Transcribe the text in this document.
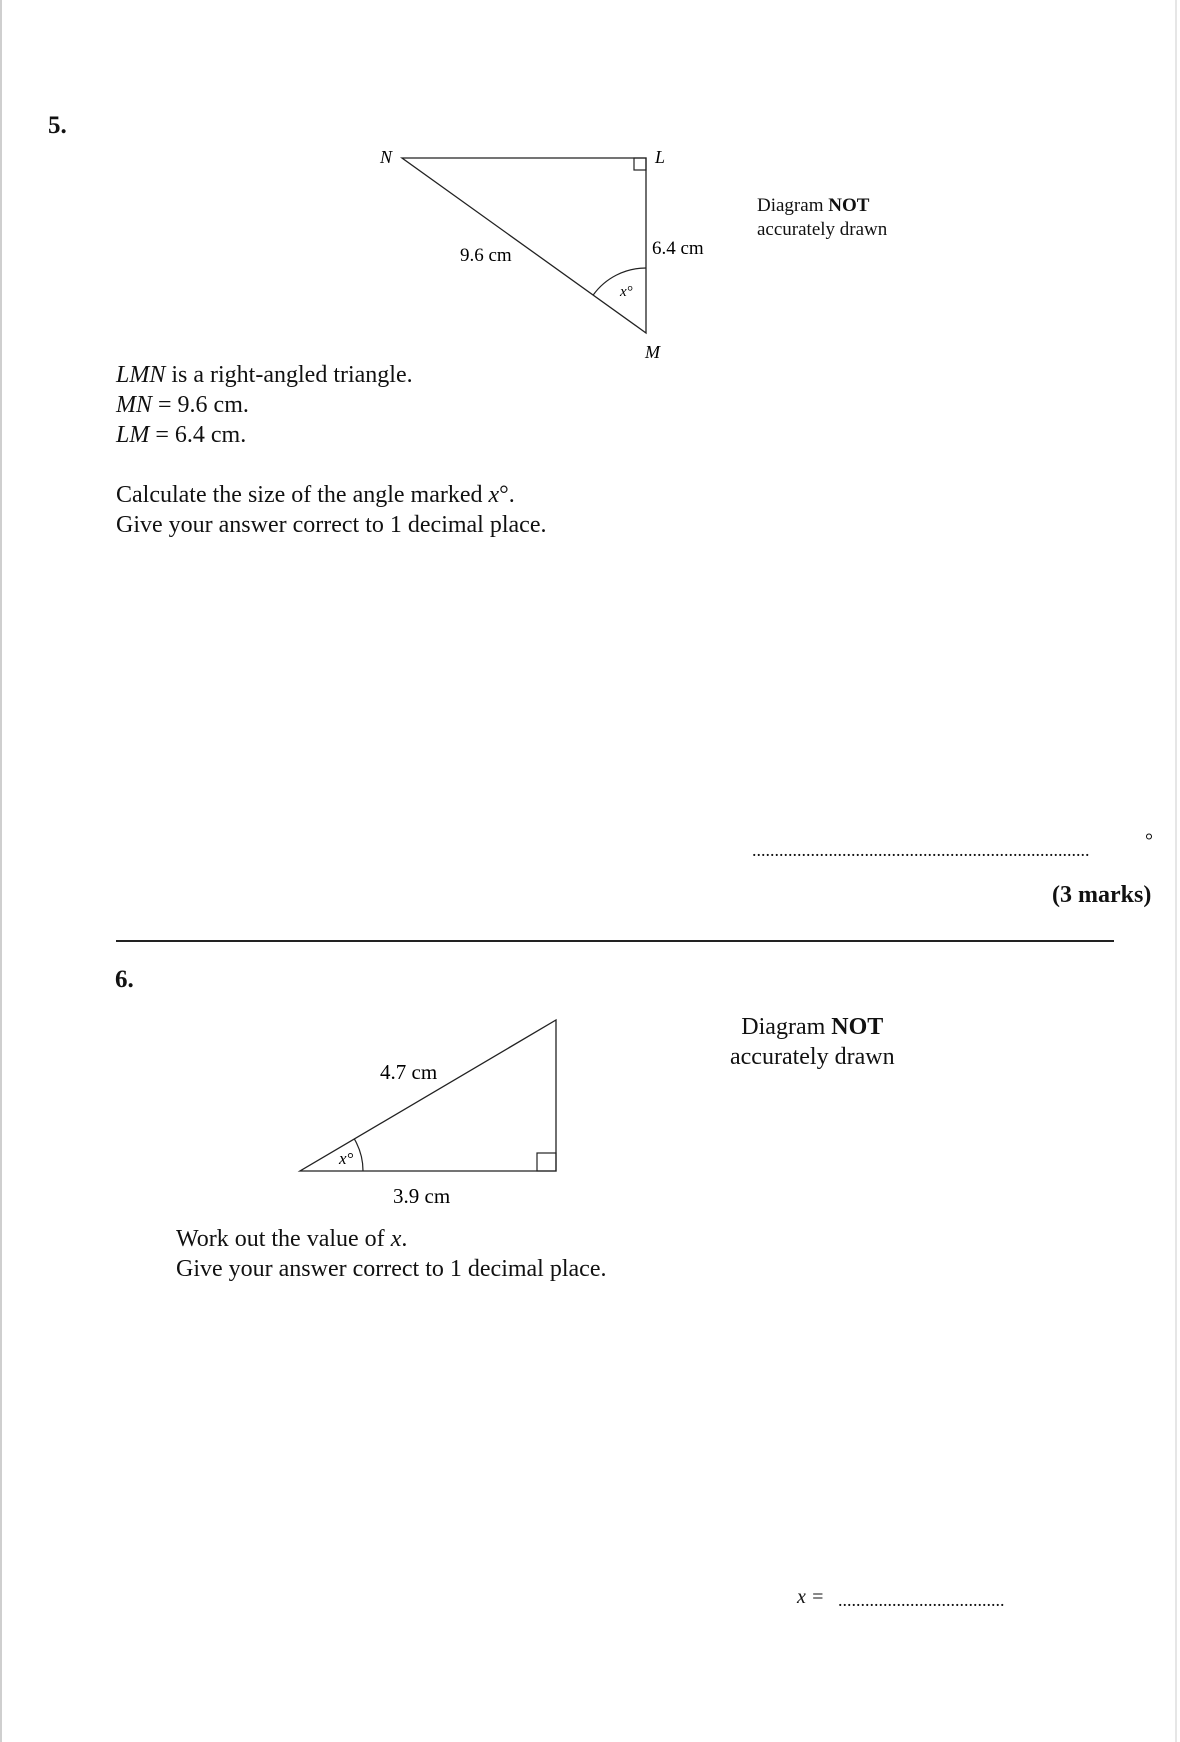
5.
N	L
M
9.6 cm	6.4 cm
x°
Diagram NOT
accurately drawn
LMN is a right-angled triangle.
MN = 9.6 cm.
LM = 6.4 cm.
Calculate the size of the angle marked x°.
Give your answer correct to 1 decimal place.
...........................................................................	°
(3 marks)
6.
4.7 cm
3.9 cm
x°
Diagram NOT
accurately drawn
Work out the value of x.
Give your answer correct to 1 decimal place.
x = .....................................
